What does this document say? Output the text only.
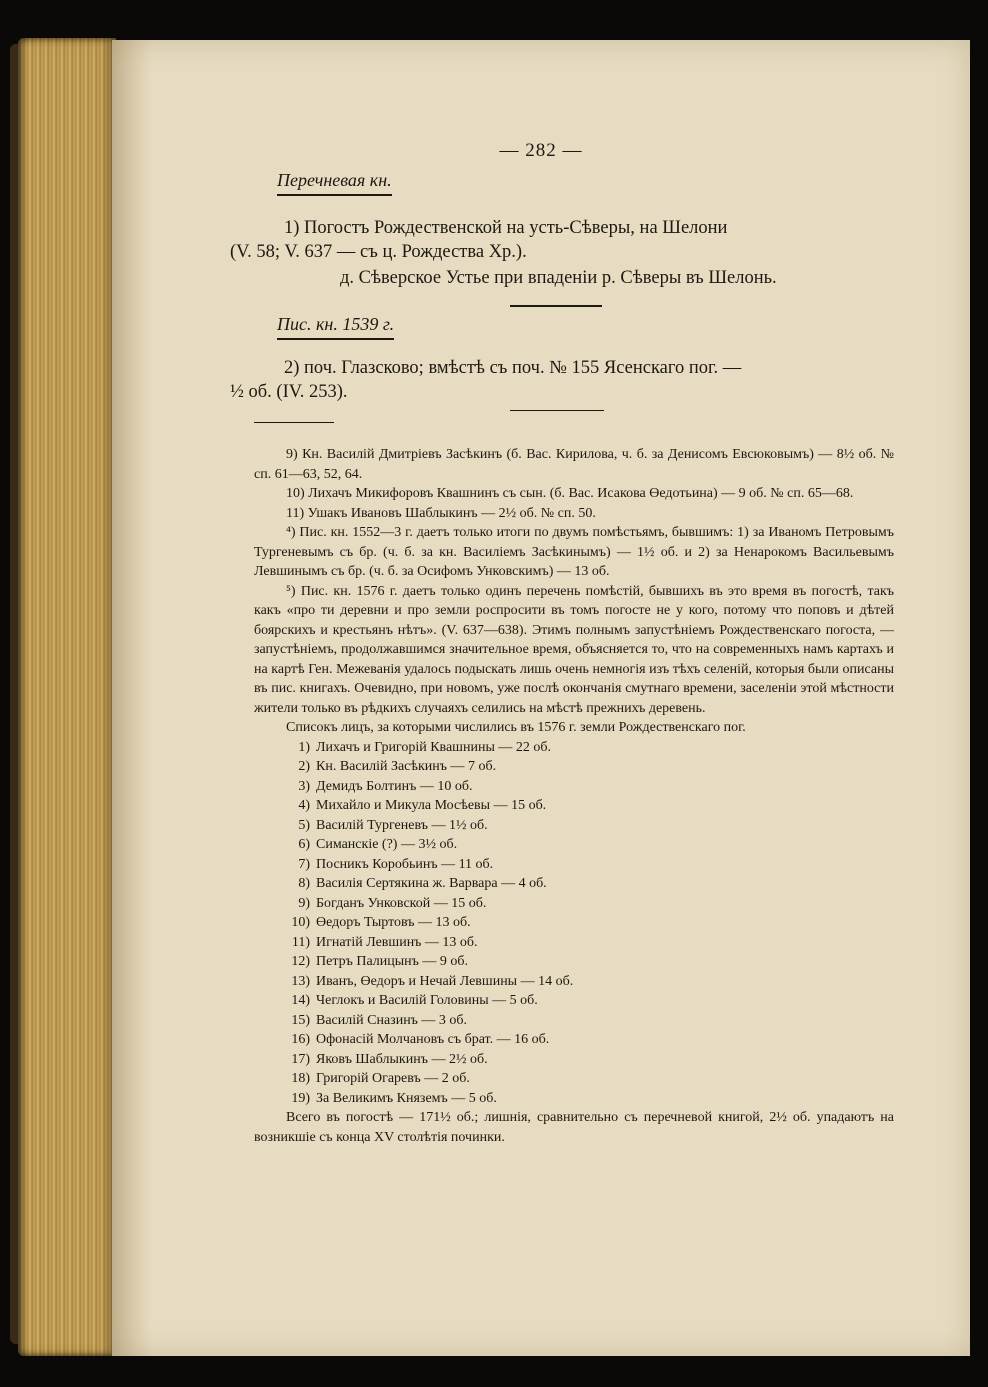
— 282 —
Перечневая кн.
1) Погостъ Рождественской на усть-Сѣверы, на Шелони
(V. 58; V. 637 — съ ц. Рождества Хр.).
д. Сѣверское Устье при впаденіи р. Сѣверы въ Шелонь.
Пис. кн. 1539 г.
2) поч. Глазсково; вмѣстѣ съ поч. № 155 Ясенскаго пог. —
½ об. (IV. 253).

9) Кн. Василій Дмитріевъ Засѣкинъ (б. Вас. Кирилова, ч. б. за Денисомъ Евсюковымъ) — 8½ об. № сп. 61—63, 52, 64.

10) Лихачъ Микифоровъ Квашнинъ съ сын. (б. Вас. Исакова Өедотьина) — 9 об. № сп. 65—68.

11) Ушакъ Ивановъ Шаблыкинъ — 2½ об. № сп. 50.

⁴) Пис. кн. 1552—3 г. даетъ только итоги по двумъ помѣстьямъ, бывшимъ: 1) за Иваномъ Петровымъ Тургеневымъ съ бр. (ч. б. за кн. Василіемъ Засѣкинымъ) — 1½ об. и 2) за Ненарокомъ Васильевымъ Левшинымъ съ бр. (ч. б. за Осифомъ Унковскимъ) — 13 об.

⁵) Пис. кн. 1576 г. даетъ только одинъ перечень помѣстій, бывшихъ въ это время въ погостѣ, такъ какъ «про ти деревни и про земли роспросити въ томъ погосте не у кого, потому что поповъ и дѣтей боярскихъ и крестьянъ нѣтъ». (V. 637—638). Этимъ полнымъ запустѣніемъ Рождественскаго погоста, — запустѣніемъ, продолжавшимся значительное время, объясняется то, что на современныхъ намъ картахъ и на картѣ Ген. Межеванія удалось подыскать лишь очень немногія изъ тѣхъ селеній, которыя были описаны въ пис. книгахъ. Очевидно, при новомъ, уже послѣ окончанія смутнаго времени, заселеніи этой мѣстности жители только въ рѣдкихъ случаяхъ селились на мѣстѣ прежнихъ деревень.

Списокъ лицъ, за которыми числились въ 1576 г. земли Рождественскаго пог.

1) Лихачъ и Григорій Квашнины — 22 об.

2) Кн. Василій Засѣкинъ — 7 об.

3) Демидъ Болтинъ — 10 об.

4) Михайло и Микула Мосѣевы — 15 об.

5) Василій Тургеневъ — 1½ об.

6) Симанскіе (?) — 3½ об.

7) Посникъ Коробьинъ — 11 об.

8) Василія Сертякина ж. Варвара — 4 об.

9) Богданъ Унковской — 15 об.

10) Өедоръ Тыртовъ — 13 об.

11) Игнатій Левшинъ — 13 об.

12) Петръ Палицынъ — 9 об.

13) Иванъ, Өедоръ и Нечай Левшины — 14 об.

14) Чеглокъ и Василій Головины — 5 об.

15) Василій Сназинъ — 3 об.

16) Офонасій Молчановъ съ брат. — 16 об.

17) Яковъ Шаблыкинъ — 2½ об.

18) Григорій Огаревъ — 2 об.

19) За Великимъ Княземъ — 5 об.

Всего въ погостѣ — 171½ об.; лишнія, сравнительно съ перечневой книгой, 2½ об. упадаютъ на возникшіе съ конца XV столѣтія починки.
